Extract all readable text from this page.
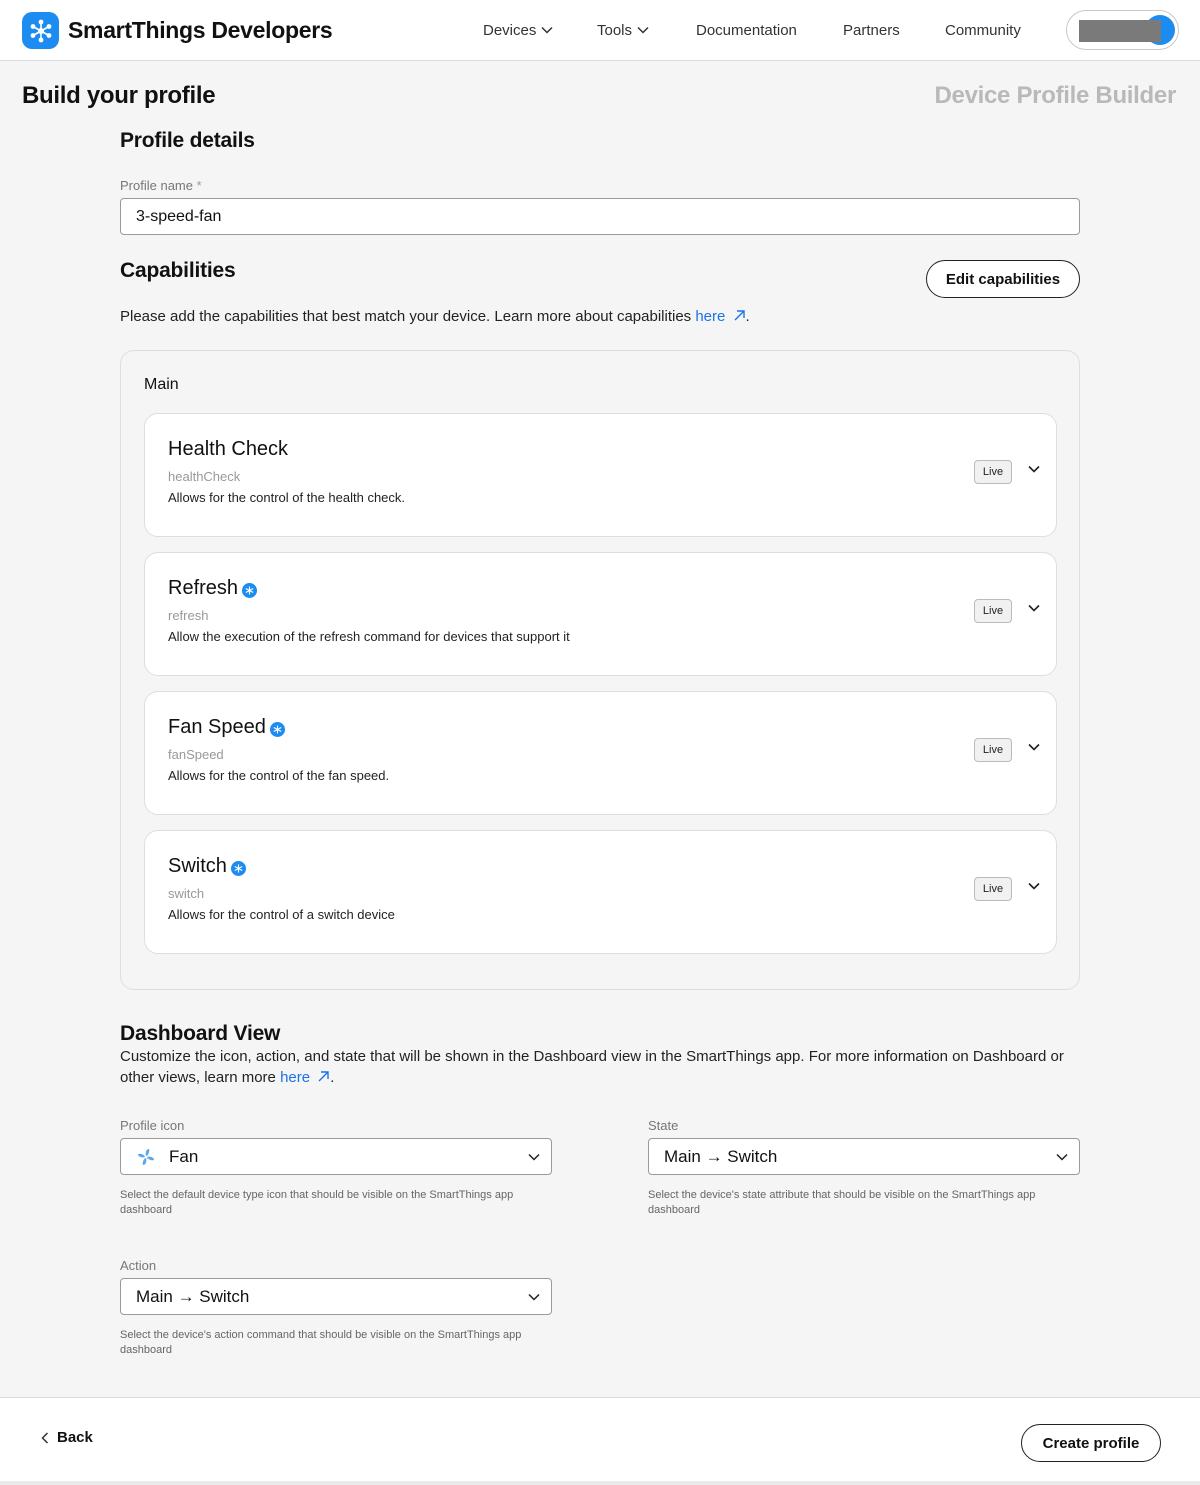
SmartThings Developers	Devices	Tools	Documentation	Partners	Community
Build your profile	Device Profile Builder
Profile details
Profile name *
3-speed-fan
Capabilities	Edit capabilities
Please add the capabilities that best match your device. Learn more about capabilities here .
Main
Health Check
healthCheck
Allows for the control of the health check.
Live
Refresh
refresh
Allow the execution of the refresh command for devices that support it
Live
Fan Speed
fanSpeed
Allows for the control of the fan speed.
Live
Switch
switch
Allows for the control of a switch device
Live
Dashboard View
Customize the icon, action, and state that will be shown in the Dashboard view in the SmartThings app. For more information on Dashboard or other views, learn more here .
Profile icon
Fan
Select the default device type icon that should be visible on the SmartThings app dashboard
State
Main → Switch
Select the device's state attribute that should be visible on the SmartThings app dashboard
Action
Main → Switch
Select the device's action command that should be visible on the SmartThings app dashboard
Back	Create profile
